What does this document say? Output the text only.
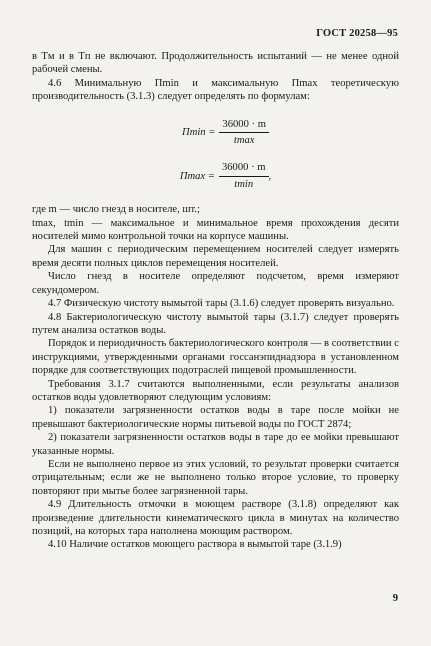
ГОСТ 20258—95

в Tм и в Tп не включают. Продолжительность испытаний — не менее одной рабочей смены.

4.6 Минимальную Пmin и максимальную Пmax теоретическую производительность (3.1.3) следует определять по формулам:

$П\min = \frac{36000 \cdot m}{tmax}$
$П\max = \frac{36000 \cdot m}{tmin}$ ,

где m — число гнезд в носителе, шт.;

tmax, tmin — максимальное и минимальное время прохождения десяти носителей мимо контрольной точки на корпусе машины.

Для машин с периодическим перемещением носителей следует измерять время десяти полных циклов перемещения носителей.

Число гнезд в носителе определяют подсчетом, время измеряют секундомером.

4.7 Физическую чистоту вымытой тары (3.1.6) следует проверять визуально.

4.8 Бактериологическую чистоту вымытой тары (3.1.7) следует проверять путем анализа остатков воды.

Порядок и периодичность бактериологического контроля — в соответствии с инструкциями, утвержденными органами госсанэпиднадзора в установленном порядке для соответствующих подотраслей пищевой промышленности.

Требования 3.1.7 считаются выполненными, если результаты анализов остатков воды удовлетворяют следующим условиям:

1) показатели загрязненности остатков воды в таре после мойки не превышают бактериологические нормы питьевой воды по ГОСТ 2874;

2) показатели загрязненности остатков воды в таре до ее мойки превышают указанные нормы.

Если не выполнено первое из этих условий, то результат проверки считается отрицательным; если же не выполнено только второе условие, то проверку повторяют при мытье более загрязненной тары.

4.9 Длительность отмочки в моющем растворе (3.1.8) определяют как произведение длительности кинематического цикла в минутах на количество позиций, на которых тара наполнена моющим раствором.

4.10 Наличие остатков моющего раствора в вымытой таре (3.1.9)

9
